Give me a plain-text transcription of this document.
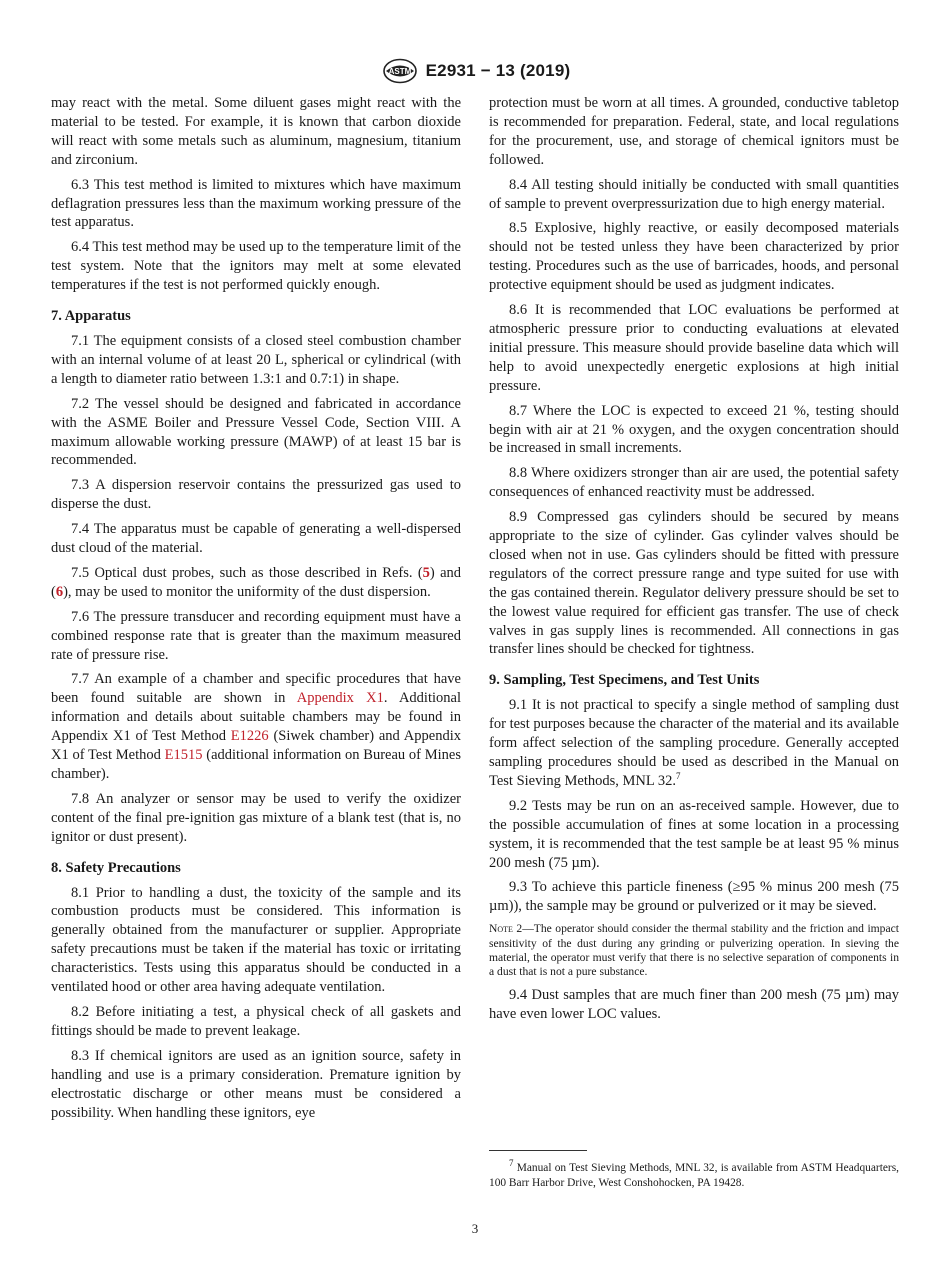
ASTM E2931 − 13 (2019)

may react with the metal. Some diluent gases might react with the material to be tested. For example, it is known that carbon dioxide will react with some metals such as aluminum, magnesium, titanium and zirconium.

6.3 This test method is limited to mixtures which have maximum deflagration pressures less than the maximum working pressure of the test apparatus.

6.4 This test method may be used up to the temperature limit of the test system. Note that the ignitors may melt at some elevated temperatures if the test is not performed quickly enough.

7. Apparatus

7.1 The equipment consists of a closed steel combustion chamber with an internal volume of at least 20 L, spherical or cylindrical (with a length to diameter ratio between 1.3:1 and 0.7:1) in shape.

7.2 The vessel should be designed and fabricated in accordance with the ASME Boiler and Pressure Vessel Code, Section VIII. A maximum allowable working pressure (MAWP) of at least 15 bar is recommended.

7.3 A dispersion reservoir contains the pressurized gas used to disperse the dust.

7.4 The apparatus must be capable of generating a well-dispersed dust cloud of the material.

7.5 Optical dust probes, such as those described in Refs. (5) and (6), may be used to monitor the uniformity of the dust dispersion.

7.6 The pressure transducer and recording equipment must have a combined response rate that is greater than the maximum measured rate of pressure rise.

7.7 An example of a chamber and specific procedures that have been found suitable are shown in Appendix X1. Additional information and details about suitable chambers may be found in Appendix X1 of Test Method E1226 (Siwek chamber) and Appendix X1 of Test Method E1515 (additional information on Bureau of Mines chamber).

7.8 An analyzer or sensor may be used to verify the oxidizer content of the final pre-ignition gas mixture of a blank test (that is, no ignitor or dust present).

8. Safety Precautions

8.1 Prior to handling a dust, the toxicity of the sample and its combustion products must be considered. This information is generally obtained from the manufacturer or supplier. Appropriate safety precautions must be taken if the material has toxic or irritating characteristics. Tests using this apparatus should be conducted in a ventilated hood or other area having adequate ventilation.

8.2 Before initiating a test, a physical check of all gaskets and fittings should be made to prevent leakage.

8.3 If chemical ignitors are used as an ignition source, safety in handling and use is a primary consideration. Premature ignition by electrostatic discharge or other means must be considered a possibility. When handling these ignitors, eye

protection must be worn at all times. A grounded, conductive tabletop is recommended for preparation. Federal, state, and local regulations for the procurement, use, and storage of chemical ignitors must be followed.

8.4 All testing should initially be conducted with small quantities of sample to prevent overpressurization due to high energy material.

8.5 Explosive, highly reactive, or easily decomposed materials should not be tested unless they have been characterized by prior testing. Procedures such as the use of barricades, hoods, and personal protective equipment should be used as judgment indicates.

8.6 It is recommended that LOC evaluations be performed at atmospheric pressure prior to conducting evaluations at elevated initial pressure. This measure should provide baseline data which will help to avoid unexpectedly energetic explosions at high initial pressure.

8.7 Where the LOC is expected to exceed 21 %, testing should begin with air at 21 % oxygen, and the oxygen concentration should be increased in small increments.

8.8 Where oxidizers stronger than air are used, the potential safety consequences of enhanced reactivity must be addressed.

8.9 Compressed gas cylinders should be secured by means appropriate to the size of cylinder. Gas cylinder valves should be closed when not in use. Gas cylinders should be fitted with pressure regulators of the correct pressure range and type suited for use with the gas contained therein. Regulator delivery pressure should be set to the lowest value required for efficient gas transfer. The use of check valves in gas supply lines is recommended. All connections in gas transfer lines should be checked for tightness.

9. Sampling, Test Specimens, and Test Units

9.1 It is not practical to specify a single method of sampling dust for test purposes because the character of the material and its available form affect selection of the sampling procedure. Generally accepted sampling procedures should be used as described in the Manual on Test Sieving Methods, MNL 32.$^7$

9.2 Tests may be run on an as-received sample. However, due to the possible accumulation of fines at some location in a processing system, it is recommended that the test sample be at least 95 % minus 200 mesh (75 µm).

9.3 To achieve this particle fineness (≥95 % minus 200 mesh (75 µm)), the sample may be ground or pulverized or it may be sieved.

Note 2—The operator should consider the thermal stability and the friction and impact sensitivity of the dust during any grinding or pulverizing operation. In sieving the material, the operator must verify that there is no selective separation of components in a dust that is not a pure substance.

9.4 Dust samples that are much finer than 200 mesh (75 µm) may have even lower LOC values.

$^7$ Manual on Test Sieving Methods, MNL 32, is available from ASTM Headquarters, 100 Barr Harbor Drive, West Conshohocken, PA 19428.
3
